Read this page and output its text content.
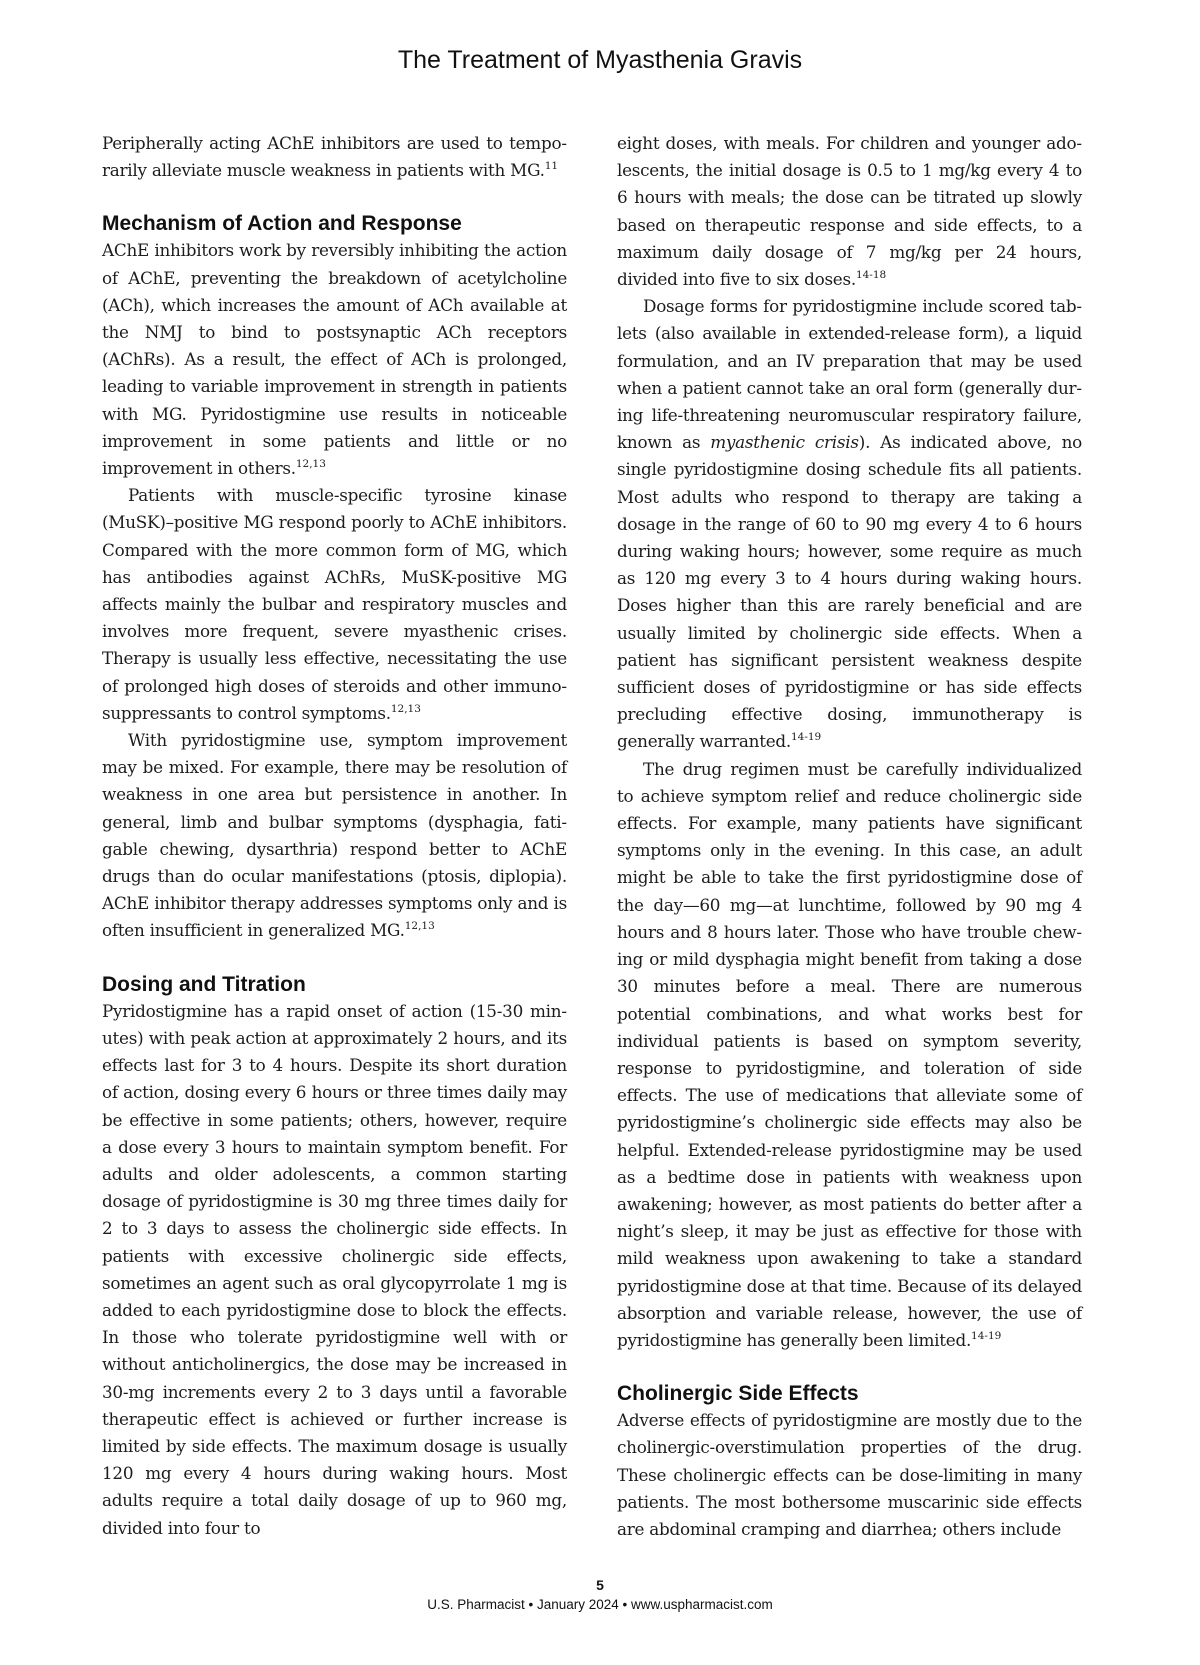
The Treatment of Myasthenia Gravis

Peripherally acting AChE inhibitors are used to temporarily alleviate muscle weakness in patients with MG.$^{11}$

Mechanism of Action and Response

AChE inhibitors work by reversibly inhibiting the action of AChE, preventing the breakdown of acetylcholine (ACh), which increases the amount of ACh available at the NMJ to bind to postsynaptic ACh receptors (AChRs). As a result, the effect of ACh is prolonged, leading to variable improvement in strength in patients with MG. Pyridostigmine use results in noticeable improvement in some patients and little or no improvement in others.$^{12,13}$

Patients with muscle-specific tyrosine kinase (MuSK)–positive MG respond poorly to AChE inhibitors. Compared with the more common form of MG, which has antibodies against AChRs, MuSK-positive MG affects mainly the bulbar and respiratory muscles and involves more frequent, severe myasthenic crises. Therapy is usually less effective, necessitating the use of prolonged high doses of steroids and other immunosuppressants to control symptoms.$^{12,13}$

With pyridostigmine use, symptom improvement may be mixed. For example, there may be resolution of weakness in one area but persistence in another. In general, limb and bulbar symptoms (dysphagia, fatigable chewing, dysarthria) respond better to AChE drugs than do ocular manifestations (ptosis, diplopia). AChE inhibitor therapy addresses symptoms only and is often insufficient in generalized MG.$^{12,13}$

Dosing and Titration

Pyridostigmine has a rapid onset of action (15-30 minutes) with peak action at approximately 2 hours, and its effects last for 3 to 4 hours. Despite its short duration of action, dosing every 6 hours or three times daily may be effective in some patients; others, however, require a dose every 3 hours to maintain symptom benefit. For adults and older adolescents, a common starting dosage of pyridostigmine is 30 mg three times daily for 2 to 3 days to assess the cholinergic side effects. In patients with excessive cholinergic side effects, sometimes an agent such as oral glycopyrrolate 1 mg is added to each pyridostigmine dose to block the effects. In those who tolerate pyridostigmine well with or without anticholinergics, the dose may be increased in 30-mg increments every 2 to 3 days until a favorable therapeutic effect is achieved or further increase is limited by side effects. The maximum dosage is usually 120 mg every 4 hours during waking hours. Most adults require a total daily dosage of up to 960 mg, divided into four to

eight doses, with meals. For children and younger adolescents, the initial dosage is 0.5 to 1 mg/kg every 4 to 6 hours with meals; the dose can be titrated up slowly based on therapeutic response and side effects, to a maximum daily dosage of 7 mg/kg per 24 hours, divided into five to six doses.$^{14-18}$

Dosage forms for pyridostigmine include scored tablets (also available in extended-release form), a liquid formulation, and an IV preparation that may be used when a patient cannot take an oral form (generally during life-threatening neuromuscular respiratory failure, known as myasthenic crisis). As indicated above, no single pyridostigmine dosing schedule fits all patients. Most adults who respond to therapy are taking a dosage in the range of 60 to 90 mg every 4 to 6 hours during waking hours; however, some require as much as 120 mg every 3 to 4 hours during waking hours. Doses higher than this are rarely beneficial and are usually limited by cholinergic side effects. When a patient has significant persistent weakness despite sufficient doses of pyridostigmine or has side effects precluding effective dosing, immunotherapy is generally warranted.$^{14-19}$

The drug regimen must be carefully individualized to achieve symptom relief and reduce cholinergic side effects. For example, many patients have significant symptoms only in the evening. In this case, an adult might be able to take the first pyridostigmine dose of the day—60 mg—at lunchtime, followed by 90 mg 4 hours and 8 hours later. Those who have trouble chewing or mild dysphagia might benefit from taking a dose 30 minutes before a meal. There are numerous potential combinations, and what works best for individual patients is based on symptom severity, response to pyridostigmine, and toleration of side effects. The use of medications that alleviate some of pyridostigmine’s cholinergic side effects may also be helpful. Extended-release pyridostigmine may be used as a bedtime dose in patients with weakness upon awakening; however, as most patients do better after a night’s sleep, it may be just as effective for those with mild weakness upon awakening to take a standard pyridostigmine dose at that time. Because of its delayed absorption and variable release, however, the use of pyridostigmine has generally been limited.$^{14-19}$

Cholinergic Side Effects

Adverse effects of pyridostigmine are mostly due to the cholinergic-overstimulation properties of the drug. These cholinergic effects can be dose-limiting in many patients. The most bothersome muscarinic side effects are abdominal cramping and diarrhea; others include

5
U.S. Pharmacist • January 2024 • www.uspharmacist.com
